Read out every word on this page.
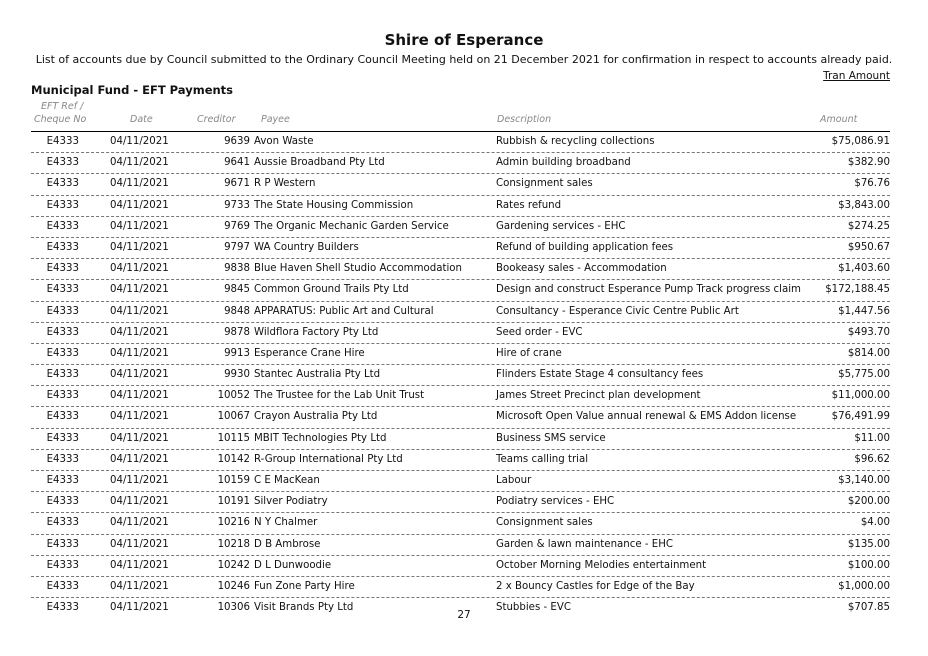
Shire of Esperance
List of accounts due by Council submitted to the Ordinary Council Meeting held on 21 December 2021 for confirmation in respect to accounts already paid.
Tran Amount
Municipal Fund - EFT Payments
EFT Ref /
Cheque No	Date	Creditor	Payee	Description	Amount
E4333	04/11/2021	9639 Avon Waste	Rubbish & recycling collections	$75,086.91
E4333	04/11/2021	9641 Aussie Broadband Pty Ltd	Admin building broadband	$382.90
E4333	04/11/2021	9671 R P Western	Consignment sales	$76.76
E4333	04/11/2021	9733 The State Housing Commission	Rates refund	$3,843.00
E4333	04/11/2021	9769 The Organic Mechanic Garden Service	Gardening services - EHC	$274.25
E4333	04/11/2021	9797 WA Country Builders	Refund of building application fees	$950.67
E4333	04/11/2021	9838 Blue Haven Shell Studio Accommodation	Bookeasy sales - Accommodation	$1,403.60
E4333	04/11/2021	9845 Common Ground Trails Pty Ltd	Design and construct Esperance Pump Track progress claim $172,188.45
E4333	04/11/2021	9848 APPARATUS: Public Art and Cultural	Consultancy - Esperance Civic Centre Public Art	$1,447.56
E4333	04/11/2021	9878 Wildflora Factory Pty Ltd	Seed order - EVC	$493.70
E4333	04/11/2021	9913 Esperance Crane Hire	Hire of crane	$814.00
E4333	04/11/2021	9930 Stantec Australia Pty Ltd	Flinders Estate Stage 4 consultancy fees	$5,775.00
E4333	04/11/2021	10052 The Trustee for the Lab Unit Trust	James Street Precinct plan development	$11,000.00
E4333	04/11/2021	10067 Crayon Australia Pty Ltd	Microsoft Open Value annual renewal & EMS Addon license	$76,491.99
E4333	04/11/2021	10115 MBIT Technologies Pty Ltd	Business SMS service	$11.00
E4333	04/11/2021	10142 R-Group International Pty Ltd	Teams calling trial	$96.62
E4333	04/11/2021	10159 C E MacKean	Labour	$3,140.00
E4333	04/11/2021	10191 Silver Podiatry	Podiatry services - EHC	$200.00
E4333	04/11/2021	10216 N Y Chalmer	Consignment sales	$4.00
E4333	04/11/2021	10218 D B Ambrose	Garden & lawn maintenance - EHC	$135.00
E4333	04/11/2021	10242 D L Dunwoodie	October Morning Melodies entertainment	$100.00
E4333	04/11/2021	10246 Fun Zone Party Hire	2 x Bouncy Castles for Edge of the Bay	$1,000.00
E4333	04/11/2021	10306 Visit Brands Pty Ltd	Stubbies - EVC	$707.85
27
